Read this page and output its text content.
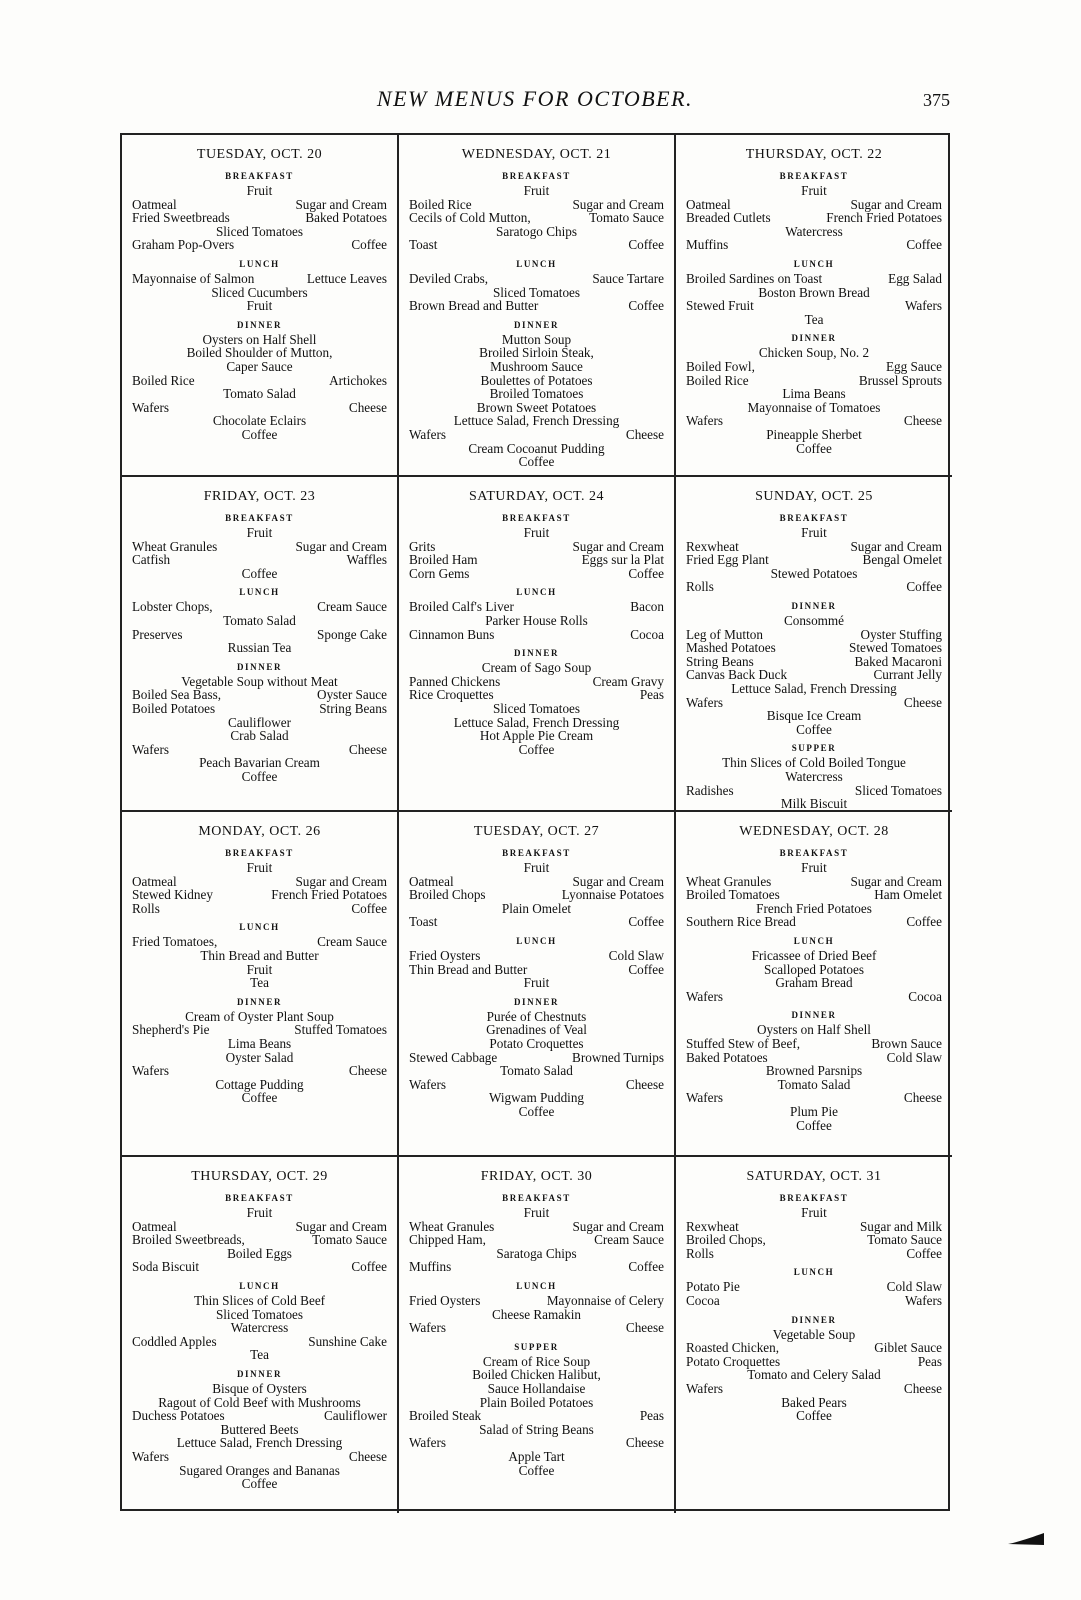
NEW MENUS FOR OCTOBER.	375
TUESDAY, OCT. 20
BREAKFAST
Fruit
Oatmeal	Sugar and Cream
Fried Sweetbreads	Baked Potatoes
Sliced Tomatoes
Graham Pop-Overs	Coffee
LUNCH
Mayonnaise of Salmon	Lettuce Leaves
Sliced Cucumbers
Fruit
DINNER
Oysters on Half Shell
Boiled Shoulder of Mutton,
Caper Sauce
Boiled Rice	Artichokes
Tomato Salad
Wafers	Cheese
Chocolate Eclairs
Coffee
WEDNESDAY, OCT. 21
BREAKFAST
Fruit
Boiled Rice	Sugar and Cream
Cecils of Cold Mutton,	Tomato Sauce
Saratogo Chips
Toast	Coffee
LUNCH
Deviled Crabs,	Sauce Tartare
Sliced Tomatoes
Brown Bread and Butter	Coffee
DINNER
Mutton Soup
Broiled Sirloin Steak,
Mushroom Sauce
Boulettes of Potatoes
Broiled Tomatoes
Brown Sweet Potatoes
Lettuce Salad, French Dressing
Wafers	Cheese
Cream Cocoanut Pudding
Coffee
THURSDAY, OCT. 22
BREAKFAST
Fruit
Oatmeal	Sugar and Cream
Breaded Cutlets	French Fried Potatoes
Watercress
Muffins	Coffee
LUNCH
Broiled Sardines on Toast	Egg Salad
Boston Brown Bread
Stewed Fruit	Wafers
Tea
DINNER
Chicken Soup, No. 2
Boiled Fowl,	Egg Sauce
Boiled Rice	Brussel Sprouts
Lima Beans
Mayonnaise of Tomatoes
Wafers	Cheese
Pineapple Sherbet
Coffee
FRIDAY, OCT. 23
BREAKFAST
Fruit
Wheat Granules	Sugar and Cream
Catfish	Waffles
Coffee
LUNCH
Lobster Chops,	Cream Sauce
Tomato Salad
Preserves	Sponge Cake
Russian Tea
DINNER
Vegetable Soup without Meat
Boiled Sea Bass,	Oyster Sauce
Boiled Potatoes	String Beans
Cauliflower
Crab Salad
Wafers	Cheese
Peach Bavarian Cream
Coffee
SATURDAY, OCT. 24
BREAKFAST
Fruit
Grits	Sugar and Cream
Broiled Ham	Eggs sur la Plat
Corn Gems	Coffee
LUNCH
Broiled Calf's Liver	Bacon
Parker House Rolls
Cinnamon Buns	Cocoa
DINNER
Cream of Sago Soup
Panned Chickens	Cream Gravy
Rice Croquettes	Peas
Sliced Tomatoes
Lettuce Salad, French Dressing
Hot Apple Pie Cream
Coffee
SUNDAY, OCT. 25
BREAKFAST
Fruit
Rexwheat	Sugar and Cream
Fried Egg Plant	Bengal Omelet
Stewed Potatoes
Rolls	Coffee
DINNER
Consommé
Leg of Mutton	Oyster Stuffing
Mashed Potatoes	Stewed Tomatoes
String Beans	Baked Macaroni
Canvas Back Duck	Currant Jelly
Lettuce Salad, French Dressing
Wafers	Cheese
Bisque Ice Cream
Coffee
SUPPER
Thin Slices of Cold Boiled Tongue
Watercress
Radishes	Sliced Tomatoes
Milk Biscuit
MONDAY, OCT. 26
BREAKFAST
Fruit
Oatmeal	Sugar and Cream
Stewed Kidney	French Fried Potatoes
Rolls	Coffee
LUNCH
Fried Tomatoes,	Cream Sauce
Thin Bread and Butter
Fruit
Tea
DINNER
Cream of Oyster Plant Soup
Shepherd's Pie	Stuffed Tomatoes
Lima Beans
Oyster Salad
Wafers	Cheese
Cottage Pudding
Coffee
TUESDAY, OCT. 27
BREAKFAST
Fruit
Oatmeal	Sugar and Cream
Broiled Chops	Lyonnaise Potatoes
Plain Omelet
Toast	Coffee
LUNCH
Fried Oysters	Cold Slaw
Thin Bread and Butter	Coffee
Fruit
DINNER
Purée of Chestnuts
Grenadines of Veal
Potato Croquettes
Stewed Cabbage	Browned Turnips
Tomato Salad
Wafers	Cheese
Wigwam Pudding
Coffee
WEDNESDAY, OCT. 28
BREAKFAST
Fruit
Wheat Granules	Sugar and Cream
Broiled Tomatoes	Ham Omelet
French Fried Potatoes
Southern Rice Bread	Coffee
LUNCH
Fricassee of Dried Beef
Scalloped Potatoes
Graham Bread
Wafers	Cocoa
DINNER
Oysters on Half Shell
Stuffed Stew of Beef,	Brown Sauce
Baked Potatoes	Cold Slaw
Browned Parsnips
Tomato Salad
Wafers	Cheese
Plum Pie
Coffee
THURSDAY, OCT. 29
BREAKFAST
Fruit
Oatmeal	Sugar and Cream
Broiled Sweetbreads,	Tomato Sauce
Boiled Eggs
Soda Biscuit	Coffee
LUNCH
Thin Slices of Cold Beef
Sliced Tomatoes
Watercress
Coddled Apples	Sunshine Cake
Tea
DINNER
Bisque of Oysters
Ragout of Cold Beef with Mushrooms
Duchess Potatoes	Cauliflower
Buttered Beets
Lettuce Salad, French Dressing
Wafers	Cheese
Sugared Oranges and Bananas
Coffee
FRIDAY, OCT. 30
BREAKFAST
Fruit
Wheat Granules	Sugar and Cream
Chipped Ham,	Cream Sauce
Saratoga Chips
Muffins	Coffee
LUNCH
Fried Oysters	Mayonnaise of Celery
Cheese Ramakin
Wafers	Cheese
SUPPER
Cream of Rice Soup
Boiled Chicken Halibut,
Sauce Hollandaise
Plain Boiled Potatoes
Broiled Steak	Peas
Salad of String Beans
Wafers	Cheese
Apple Tart
Coffee
SATURDAY, OCT. 31
BREAKFAST
Fruit
Rexwheat	Sugar and Milk
Broiled Chops,	Tomato Sauce
Rolls	Coffee
LUNCH
Potato Pie	Cold Slaw
Cocoa	Wafers
DINNER
Vegetable Soup
Roasted Chicken,	Giblet Sauce
Potato Croquettes	Peas
Tomato and Celery Salad
Wafers	Cheese
Baked Pears
Coffee
